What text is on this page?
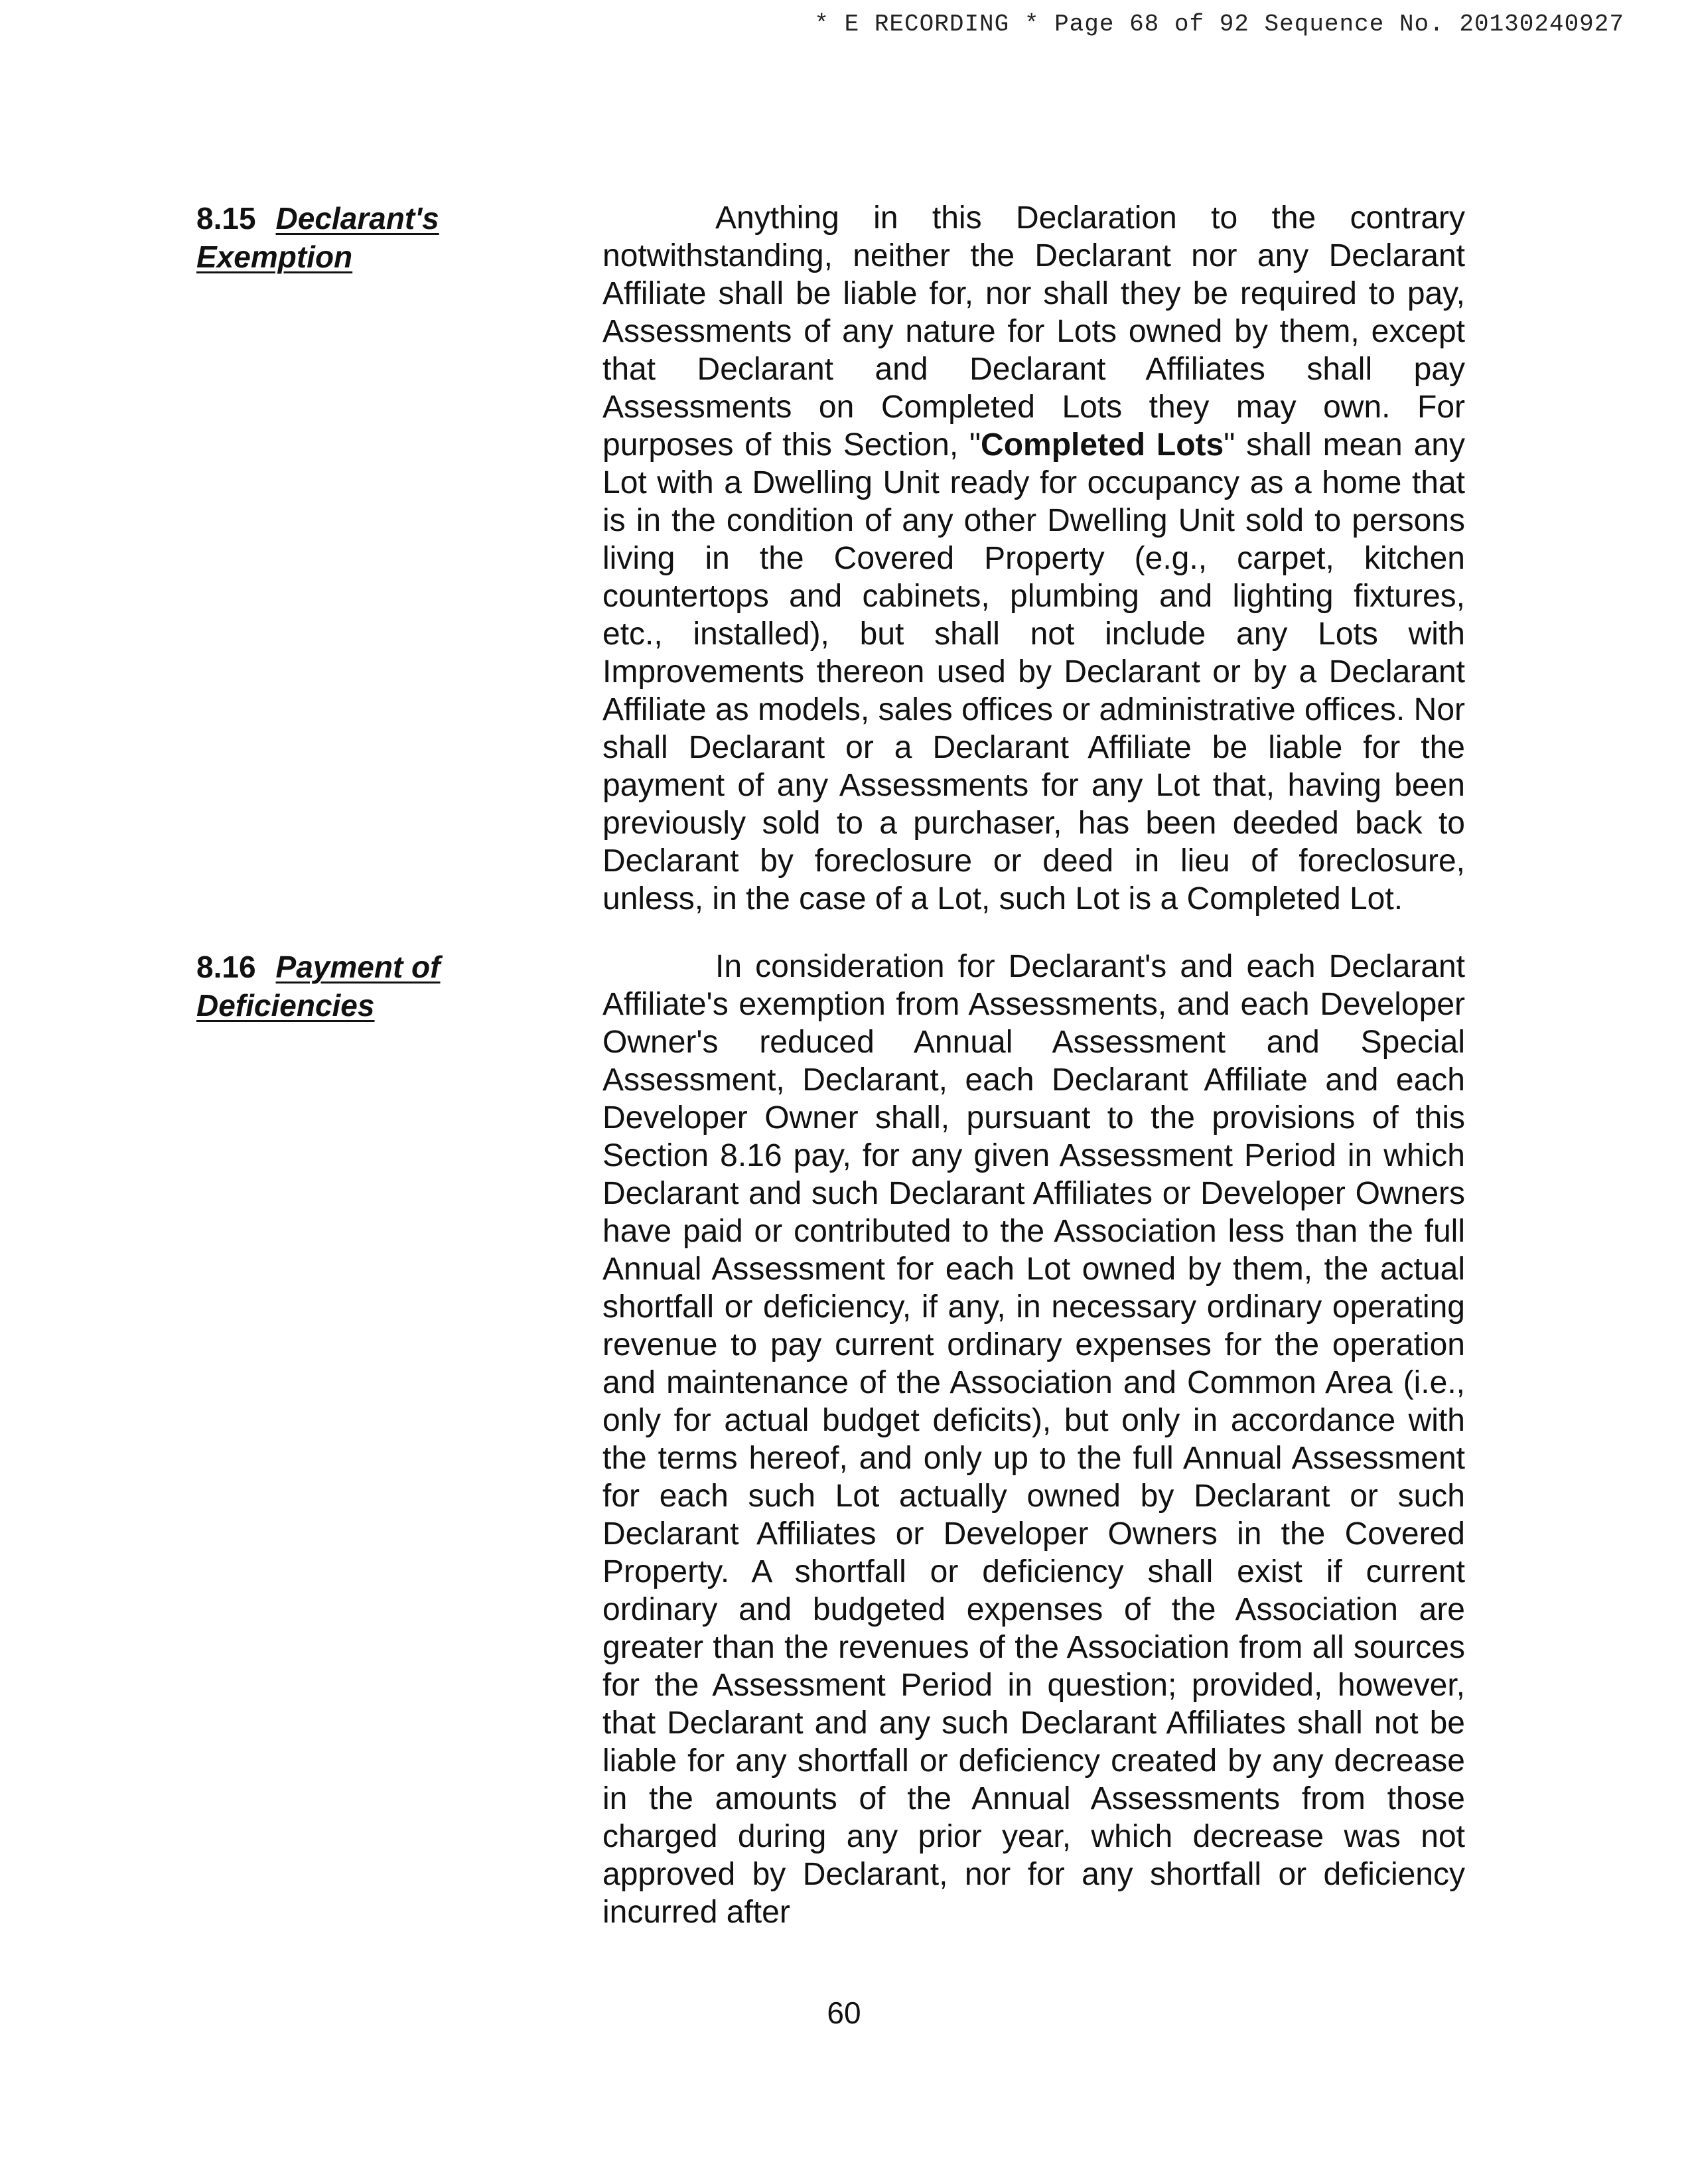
* E RECORDING * Page 68 of 92 Sequence No. 20130240927
8.15 Declarant's Exemption
Anything in this Declaration to the contrary notwithstanding, neither the Declarant nor any Declarant Affiliate shall be liable for, nor shall they be required to pay, Assessments of any nature for Lots owned by them, except that Declarant and Declarant Affiliates shall pay Assessments on Completed Lots they may own. For purposes of this Section, "Completed Lots" shall mean any Lot with a Dwelling Unit ready for occupancy as a home that is in the condition of any other Dwelling Unit sold to persons living in the Covered Property (e.g., carpet, kitchen countertops and cabinets, plumbing and lighting fixtures, etc., installed), but shall not include any Lots with Improvements thereon used by Declarant or by a Declarant Affiliate as models, sales offices or administrative offices. Nor shall Declarant or a Declarant Affiliate be liable for the payment of any Assessments for any Lot that, having been previously sold to a purchaser, has been deeded back to Declarant by foreclosure or deed in lieu of foreclosure, unless, in the case of a Lot, such Lot is a Completed Lot.
8.16 Payment of
Deficiencies
In consideration for Declarant's and each Declarant Affiliate's exemption from Assessments, and each Developer Owner's reduced Annual Assessment and Special Assessment, Declarant, each Declarant Affiliate and each Developer Owner shall, pursuant to the provisions of this Section 8.16 pay, for any given Assessment Period in which Declarant and such Declarant Affiliates or Developer Owners have paid or contributed to the Association less than the full Annual Assessment for each Lot owned by them, the actual shortfall or deficiency, if any, in necessary ordinary operating revenue to pay current ordinary expenses for the operation and maintenance of the Association and Common Area (i.e., only for actual budget deficits), but only in accordance with the terms hereof, and only up to the full Annual Assessment for each such Lot actually owned by Declarant or such Declarant Affiliates or Developer Owners in the Covered Property. A shortfall or deficiency shall exist if current ordinary and budgeted expenses of the Association are greater than the revenues of the Association from all sources for the Assessment Period in question; provided, however, that Declarant and any such Declarant Affiliates shall not be liable for any shortfall or deficiency created by any decrease in the amounts of the Annual Assessments from those charged during any prior year, which decrease was not approved by Declarant, nor for any shortfall or deficiency incurred after
60
